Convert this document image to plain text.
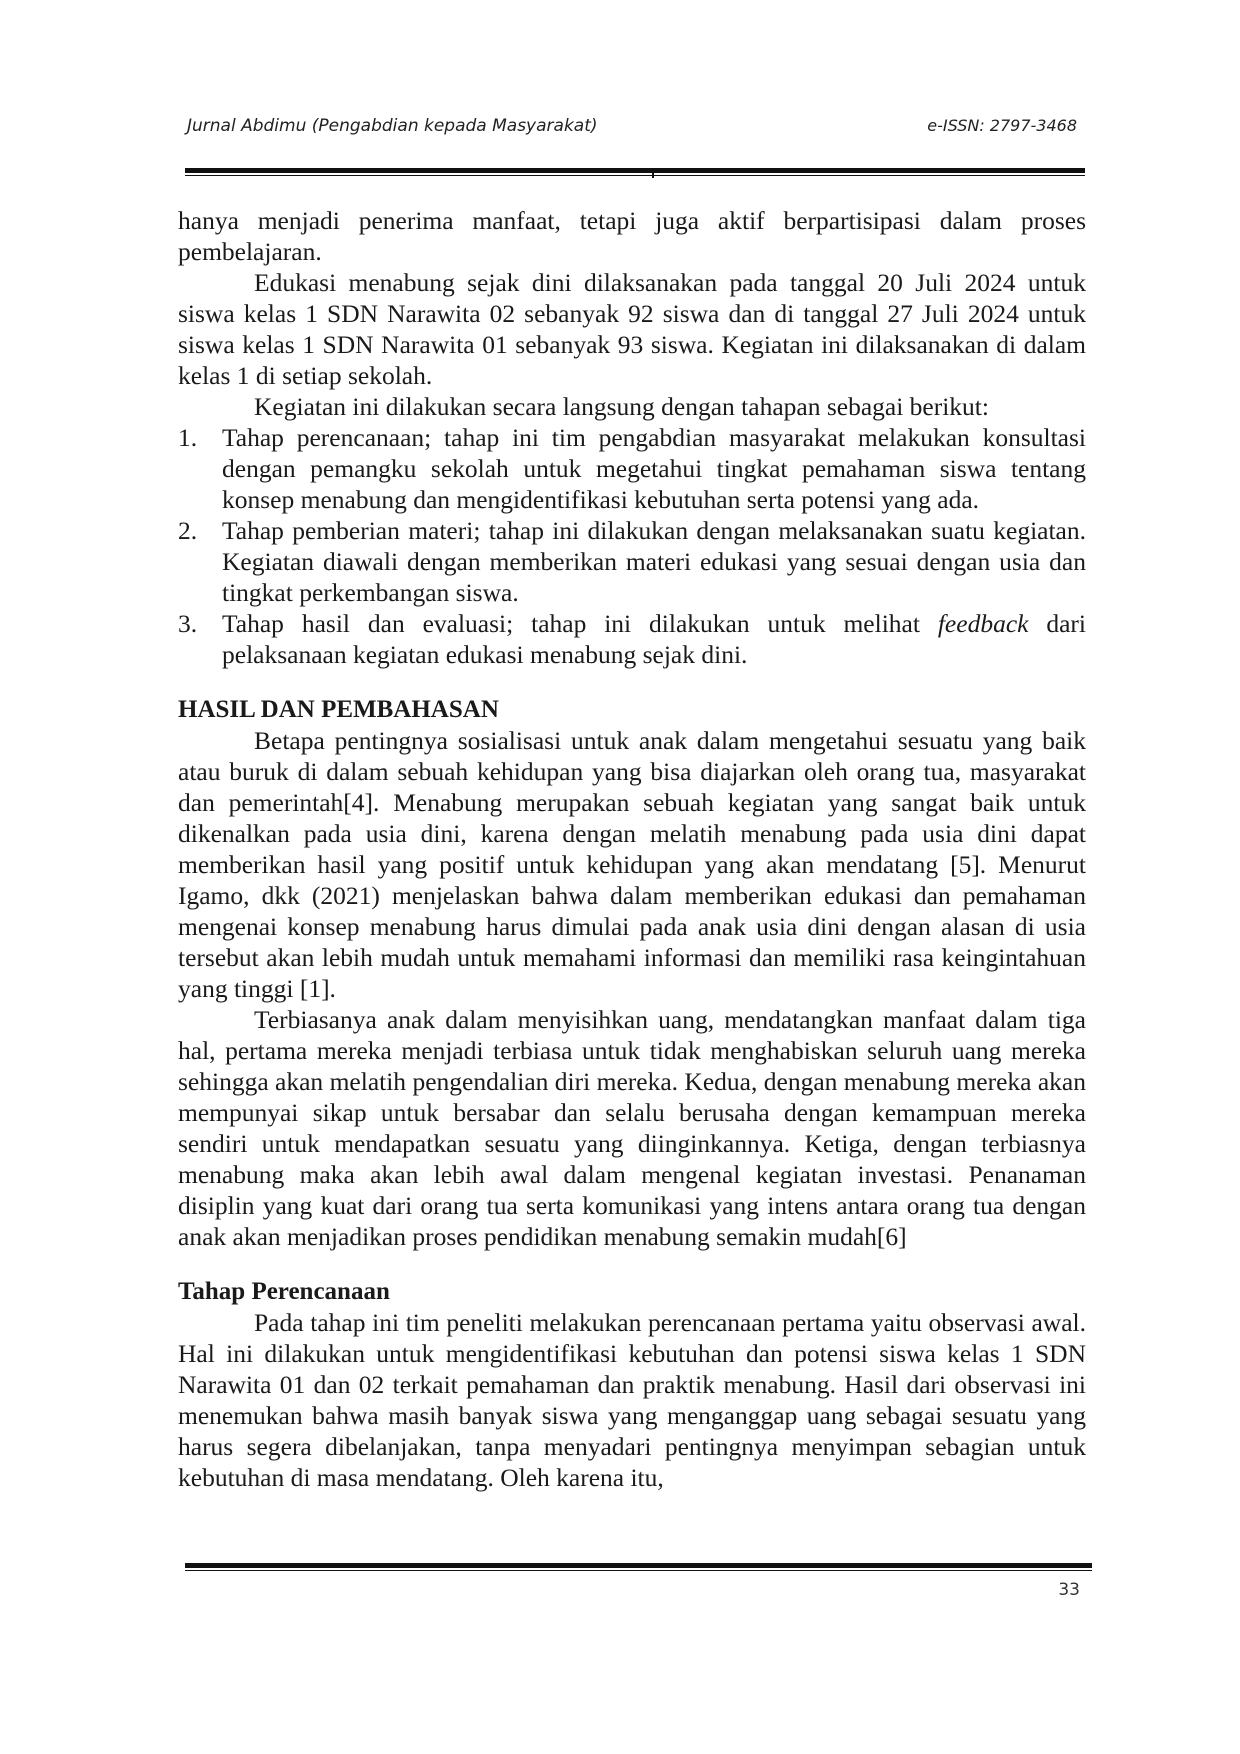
Jurnal Abdimu (Pengabdian kepada Masyarakat)	e-ISSN: 2797-3468

hanya menjadi penerima manfaat, tetapi juga aktif berpartisipasi dalam proses pembelajaran.

Edukasi menabung sejak dini dilaksanakan pada tanggal 20 Juli 2024 untuk siswa kelas 1 SDN Narawita 02 sebanyak 92 siswa dan di tanggal 27 Juli 2024 untuk siswa kelas 1 SDN Narawita 01 sebanyak 93 siswa. Kegiatan ini dilaksanakan di dalam kelas 1 di setiap sekolah.

Kegiatan ini dilakukan secara langsung dengan tahapan sebagai berikut:

1. Tahap perencanaan; tahap ini tim pengabdian masyarakat melakukan konsultasi dengan pemangku sekolah untuk megetahui tingkat pemahaman siswa tentang konsep menabung dan mengidentifikasi kebutuhan serta potensi yang ada.
2. Tahap pemberian materi; tahap ini dilakukan dengan melaksanakan suatu kegiatan. Kegiatan diawali dengan memberikan materi edukasi yang sesuai dengan usia dan tingkat perkembangan siswa.
3. Tahap hasil dan evaluasi; tahap ini dilakukan untuk melihat feedback dari pelaksanaan kegiatan edukasi menabung sejak dini.
HASIL DAN PEMBAHASAN

Betapa pentingnya sosialisasi untuk anak dalam mengetahui sesuatu yang baik atau buruk di dalam sebuah kehidupan yang bisa diajarkan oleh orang tua, masyarakat dan pemerintah[4]. Menabung merupakan sebuah kegiatan yang sangat baik untuk dikenalkan pada usia dini, karena dengan melatih menabung pada usia dini dapat memberikan hasil yang positif untuk kehidupan yang akan mendatang [5]. Menurut Igamo, dkk (2021) menjelaskan bahwa dalam memberikan edukasi dan pemahaman mengenai konsep menabung harus dimulai pada anak usia dini dengan alasan di usia tersebut akan lebih mudah untuk memahami informasi dan memiliki rasa keingintahuan yang tinggi [1].

Terbiasanya anak dalam menyisihkan uang, mendatangkan manfaat dalam tiga hal, pertama mereka menjadi terbiasa untuk tidak menghabiskan seluruh uang mereka sehingga akan melatih pengendalian diri mereka. Kedua, dengan menabung mereka akan mempunyai sikap untuk bersabar dan selalu berusaha dengan kemampuan mereka sendiri untuk mendapatkan sesuatu yang diinginkannya. Ketiga, dengan terbiasnya menabung maka akan lebih awal dalam mengenal kegiatan investasi. Penanaman disiplin yang kuat dari orang tua serta komunikasi yang intens antara orang tua dengan anak akan menjadikan proses pendidikan menabung semakin mudah[6]

Tahap Perencanaan

Pada tahap ini tim peneliti melakukan perencanaan pertama yaitu observasi awal. Hal ini dilakukan untuk mengidentifikasi kebutuhan dan potensi siswa kelas 1 SDN Narawita 01 dan 02 terkait pemahaman dan praktik menabung. Hasil dari observasi ini menemukan bahwa masih banyak siswa yang menganggap uang sebagai sesuatu yang harus segera dibelanjakan, tanpa menyadari pentingnya menyimpan sebagian untuk kebutuhan di masa mendatang. Oleh karena itu,

33
